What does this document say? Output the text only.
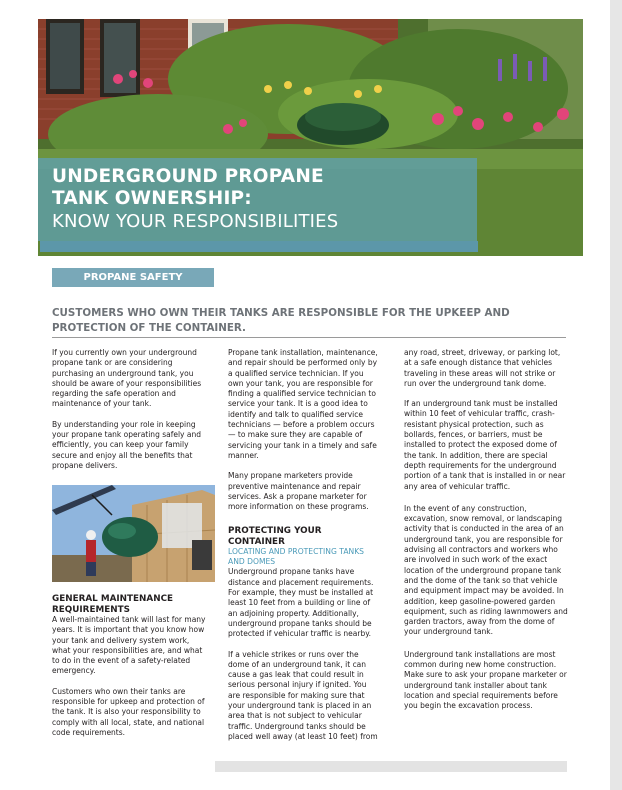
UNDERGROUND PROPANE
TANK OWNERSHIP:
KNOW YOUR RESPONSIBILITIES
PROPANE SAFETY
CUSTOMERS WHO OWN THEIR TANKS ARE RESPONSIBLE FOR THE UPKEEP AND PROTECTION OF THE CONTAINER.

If you currently own your underground propane tank or are considering purchasing an underground tank, you should be aware of your responsibilities regarding the safe operation and maintenance of your tank.

By understanding your role in keeping your propane tank operating safely and efficiently, you can keep your family secure and enjoy all the benefits that propane delivers.

GENERAL MAINTENANCE REQUIREMENTS

A well-maintained tank will last for many years. It is important that you know how your tank and delivery system work, what your responsibilities are, and what to do in the event of a safety-related emergency.

Customers who own their tanks are responsible for upkeep and protection of the tank. It is also your responsibility to comply with all local, state, and national code requirements.

Propane tank installation, maintenance, and repair should be performed only by a qualified service technician. If you own your tank, you are responsible for finding a qualified service technician to service your tank. It is a good idea to identify and talk to qualified service technicians — before a problem occurs — to make sure they are capable of servicing your tank in a timely and safe manner.

Many propane marketers provide preventive maintenance and repair services. Ask a propane marketer for more information on these programs.

PROTECTING YOUR CONTAINER
LOCATING AND PROTECTING TANKS AND DOMES

Underground propane tanks have distance and placement requirements. For example, they must be installed at least 10 feet from a building or line of an adjoining property. Additionally, underground propane tanks should be protected if vehicular traffic is nearby.

If a vehicle strikes or runs over the dome of an underground tank, it can cause a gas leak that could result in serious personal injury if ignited. You are responsible for making sure that your underground tank is placed in an area that is not subject to vehicular traffic. Underground tanks should be placed well away (at least 10 feet) from

any road, street, driveway, or parking lot, at a safe enough distance that vehicles traveling in these areas will not strike or run over the underground tank dome.

If an underground tank must be installed within 10 feet of vehicular traffic, crash-resistant physical protection, such as bollards, fences, or barriers, must be installed to protect the exposed dome of the tank. In addition, there are special depth requirements for the underground portion of a tank that is installed in or near any area of vehicular traffic.

In the event of any construction, excavation, snow removal, or landscaping activity that is conducted in the area of an underground tank, you are responsible for advising all contractors and workers who are involved in such work of the exact location of the underground propane tank and the dome of the tank so that vehicle and equipment impact may be avoided. In addition, keep gasoline-powered garden equipment, such as riding lawnmowers and garden tractors, away from the dome of your underground tank.

Underground tank installations are most common during new home construction. Make sure to ask your propane marketer or underground tank installer about tank location and special requirements before you begin the excavation process.
